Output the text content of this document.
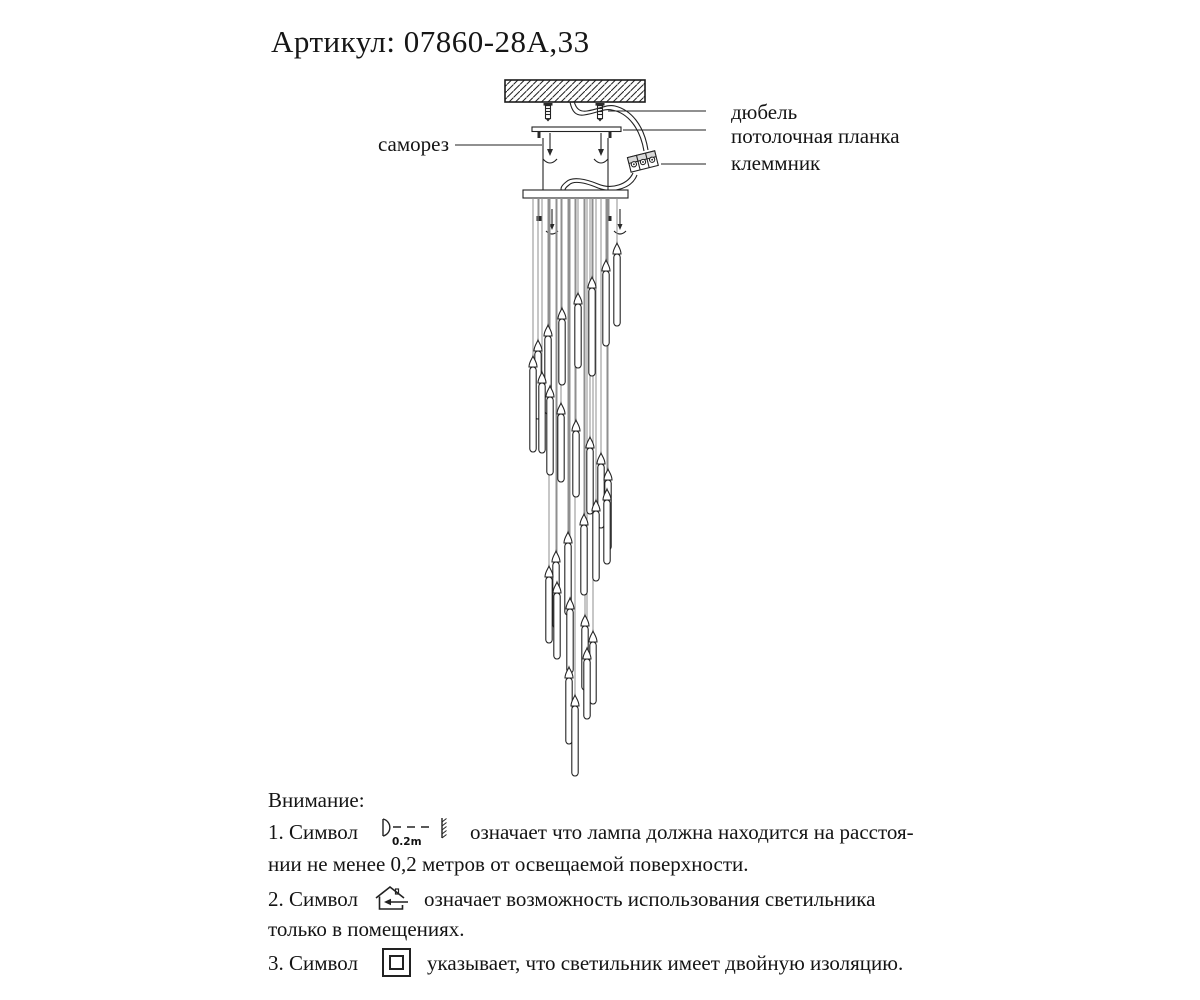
Артикул: 07860-28А,33
саморез
дюбель
потолочная планка
клеммник
Внимание:
1. Символ	0.2m означает что лампа должна находится на расстоя-
нии не менее 0,2 метров от освещаемой поверхности.
2. Символ	означает возможность использования светильника
только в помещениях.
3. Символ	указывает, что светильник имеет двойную изоляцию.
